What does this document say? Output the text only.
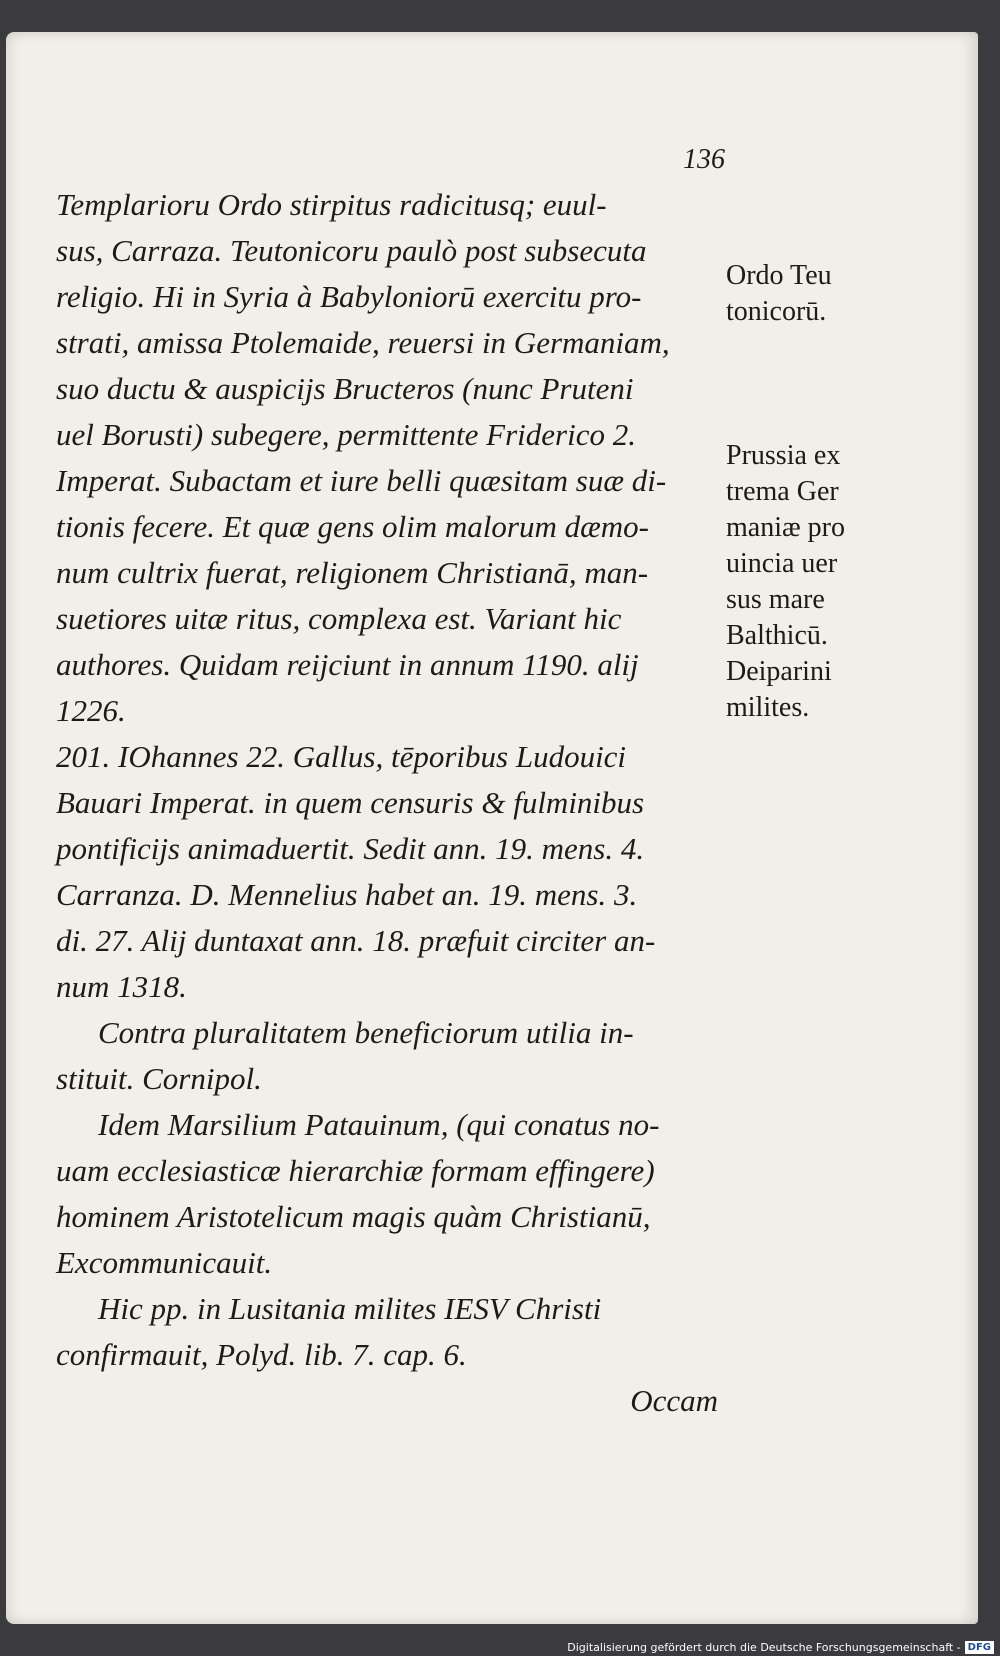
136

Templarioru Ordo stirpitus radicitusq; euul-
sus, Carraza. Teutonicoru paulò post subsecuta
religio. Hi in Syria à Babyloniorū exercitu pro-
strati, amissa Ptolemaide, reuersi in Germaniam,
suo ductu & auspicijs Bructeros (nunc Pruteni
uel Borusti) subegere, permittente Friderico 2.
Imperat. Subactam et iure belli quæsitam suæ di-
tionis fecere. Et quæ gens olim malorum dæmo-
num cultrix fuerat, religionem Christianā, man-
suetiores uitæ ritus, complexa est. Variant hic
authores. Quidam reijciunt in annum 1190. alij
1226.
201. IOhannes 22. Gallus, tēporibus Ludouici
Bauari Imperat. in quem censuris & fulminibus
pontificijs animaduertit. Sedit ann. 19. mens. 4.
Carranza. D. Mennelius habet an. 19. mens. 3.
di. 27. Alij duntaxat ann. 18. præfuit circiter an-
num 1318.
Contra pluralitatem beneficiorum utilia in-
stituit. Cornipol.
Idem Marsilium Patauinum, (qui conatus no-
uam ecclesiasticæ hierarchiæ formam effingere)
hominem Aristotelicum magis quàm Christianū,
Excommunicauit.
Hic pp. in Lusitania milites IESV Christi
confirmauit, Polyd. lib. 7. cap. 6.
Occam

Ordo Teu
tonicorū.

Prussia ex
trema Ger
maniæ pro
uincia uer
sus mare
Balthicū.
Deiparini
milites.

Digitalisierung gefördert durch die Deutsche Forschungsgemeinschaft - DFG
